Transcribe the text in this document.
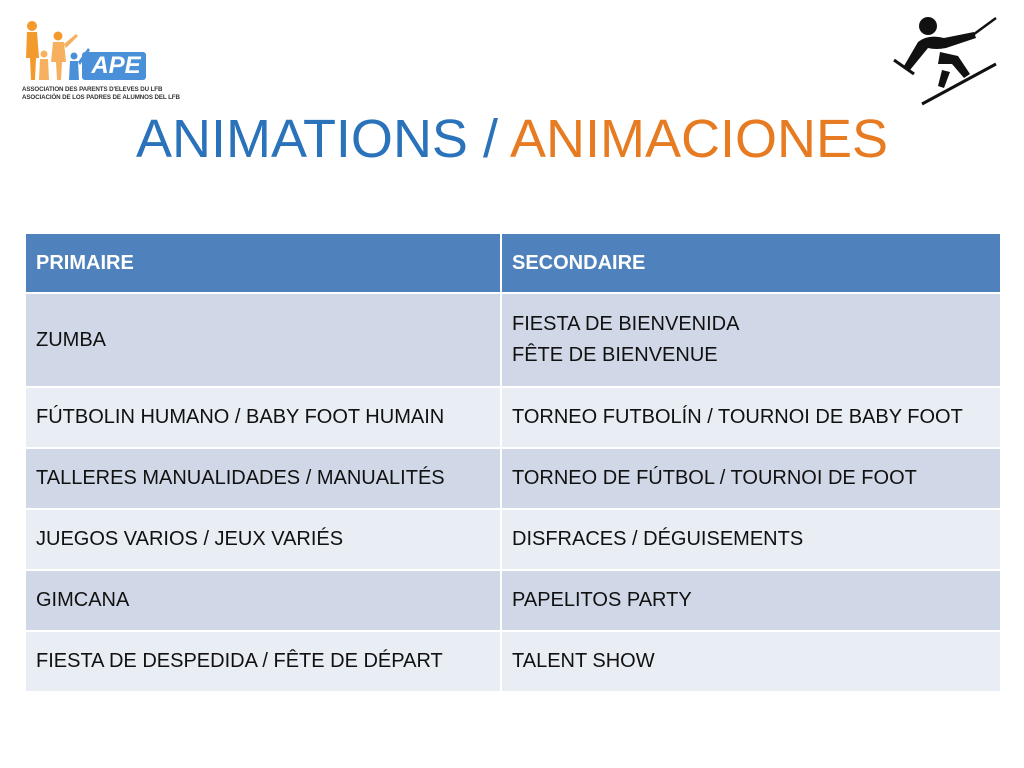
APE
ASSOCIATION DES PARENTS D'ELEVES DU LFB
ASOCIACIÓN DE LOS PADRES DE ALUMNOS DEL LFB
ANIMATIONS / ANIMACIONES
PRIMAIRE	SECONDAIRE
ZUMBA	FIESTA DE BIENVENIDA
FÊTE DE BIENVENUE

FÚTBOLIN HUMANO / BABY FOOT HUMAIN	TORNEO FUTBOLÍN / TOURNOI DE BABY FOOT
TALLERES MANUALIDADES / MANUALITÉS	TORNEO DE FÚTBOL / TOURNOI DE FOOT
JUEGOS VARIOS / JEUX VARIÉS	DISFRACES / DÉGUISEMENTS
GIMCANA	PAPELITOS PARTY
FIESTA DE DESPEDIDA / FÊTE DE DÉPART	TALENT SHOW
